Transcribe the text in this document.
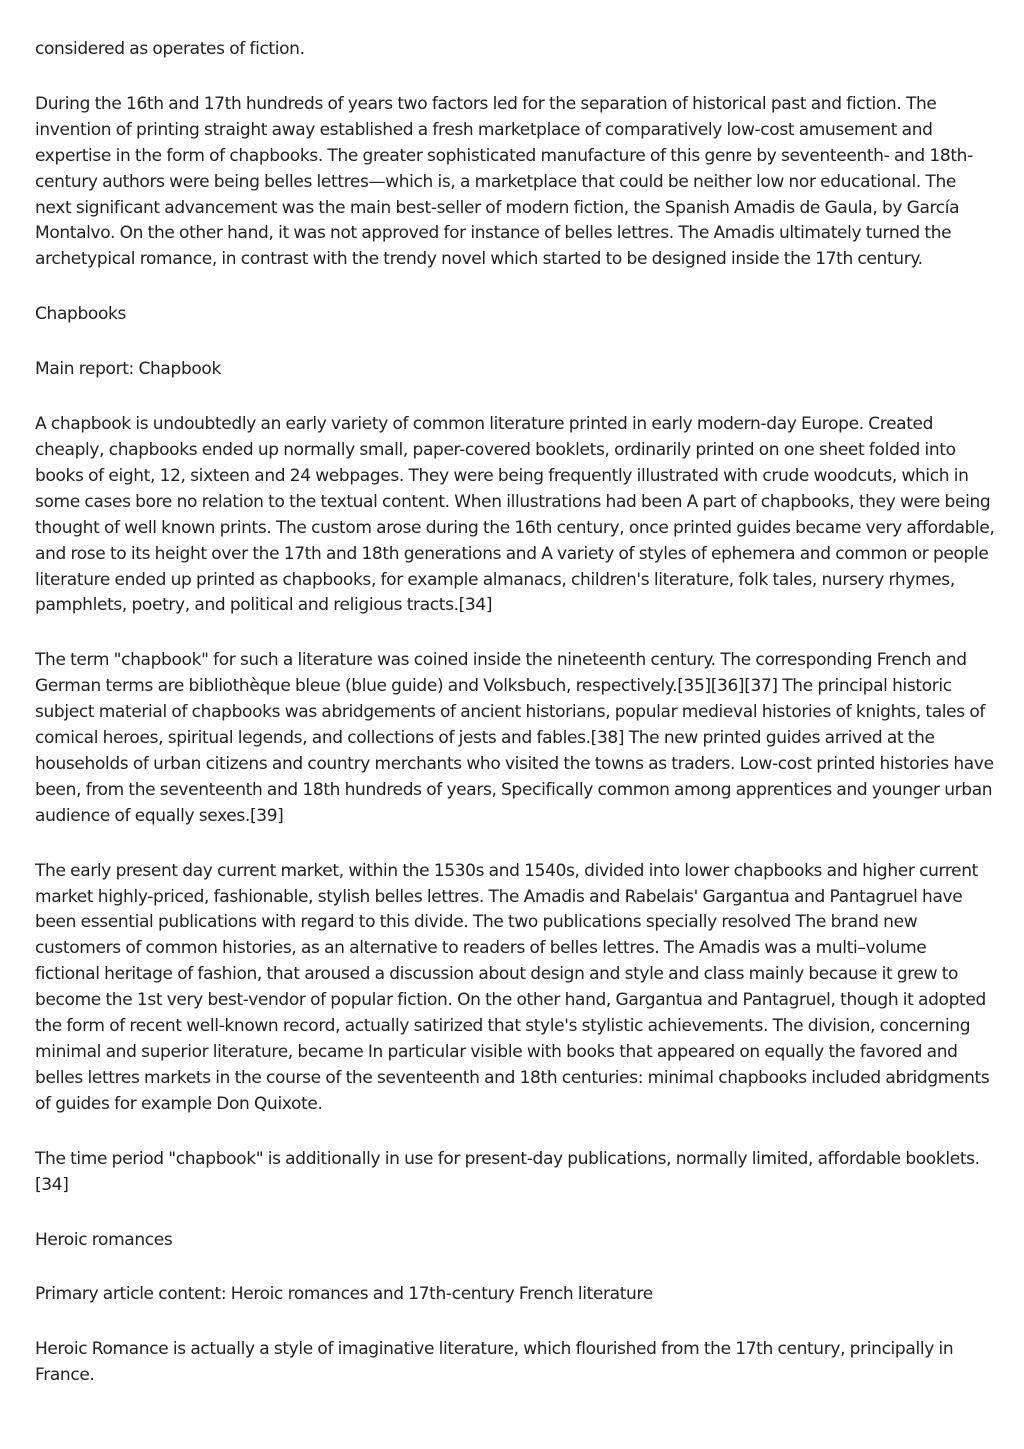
considered as operates of fiction.

During the 16th and 17th hundreds of years two factors led for the separation of historical past and fiction. The invention of printing straight away established a fresh marketplace of comparatively low-cost amusement and expertise in the form of chapbooks. The greater sophisticated manufacture of this genre by seventeenth- and 18th-century authors were being belles lettres—which is, a marketplace that could be neither low nor educational. The next significant advancement was the main best-seller of modern fiction, the Spanish Amadis de Gaula, by García Montalvo. On the other hand, it was not approved for instance of belles lettres. The Amadis ultimately turned the archetypical romance, in contrast with the trendy novel which started to be designed inside the 17th century.

Chapbooks

Main report: Chapbook

A chapbook is undoubtedly an early variety of common literature printed in early modern-day Europe. Created cheaply, chapbooks ended up normally small, paper-covered booklets, ordinarily printed on one sheet folded into books of eight, 12, sixteen and 24 webpages. They were being frequently illustrated with crude woodcuts, which in some cases bore no relation to the textual content. When illustrations had been A part of chapbooks, they were being thought of well known prints. The custom arose during the 16th century, once printed guides became very affordable, and rose to its height over the 17th and 18th generations and A variety of styles of ephemera and common or people literature ended up printed as chapbooks, for example almanacs, children's literature, folk tales, nursery rhymes, pamphlets, poetry, and political and religious tracts.[34]

The term "chapbook" for such a literature was coined inside the nineteenth century. The corresponding French and German terms are bibliothèque bleue (blue guide) and Volksbuch, respectively.[35][36][37] The principal historic subject material of chapbooks was abridgements of ancient historians, popular medieval histories of knights, tales of comical heroes, spiritual legends, and collections of jests and fables.[38] The new printed guides arrived at the households of urban citizens and country merchants who visited the towns as traders. Low-cost printed histories have been, from the seventeenth and 18th hundreds of years, Specifically common among apprentices and younger urban audience of equally sexes.[39]

The early present day current market, within the 1530s and 1540s, divided into lower chapbooks and higher current market highly-priced, fashionable, stylish belles lettres. The Amadis and Rabelais' Gargantua and Pantagruel have been essential publications with regard to this divide. The two publications specially resolved The brand new customers of common histories, as an alternative to readers of belles lettres. The Amadis was a multi–volume fictional heritage of fashion, that aroused a discussion about design and style and class mainly because it grew to become the 1st very best-vendor of popular fiction. On the other hand, Gargantua and Pantagruel, though it adopted the form of recent well-known record, actually satirized that style's stylistic achievements. The division, concerning minimal and superior literature, became In particular visible with books that appeared on equally the favored and belles lettres markets in the course of the seventeenth and 18th centuries: minimal chapbooks included abridgments of guides for example Don Quixote.

The time period "chapbook" is additionally in use for present-day publications, normally limited, affordable booklets.[34]

Heroic romances

Primary article content: Heroic romances and 17th-century French literature

Heroic Romance is actually a style of imaginative literature, which flourished from the 17th century, principally in France.
